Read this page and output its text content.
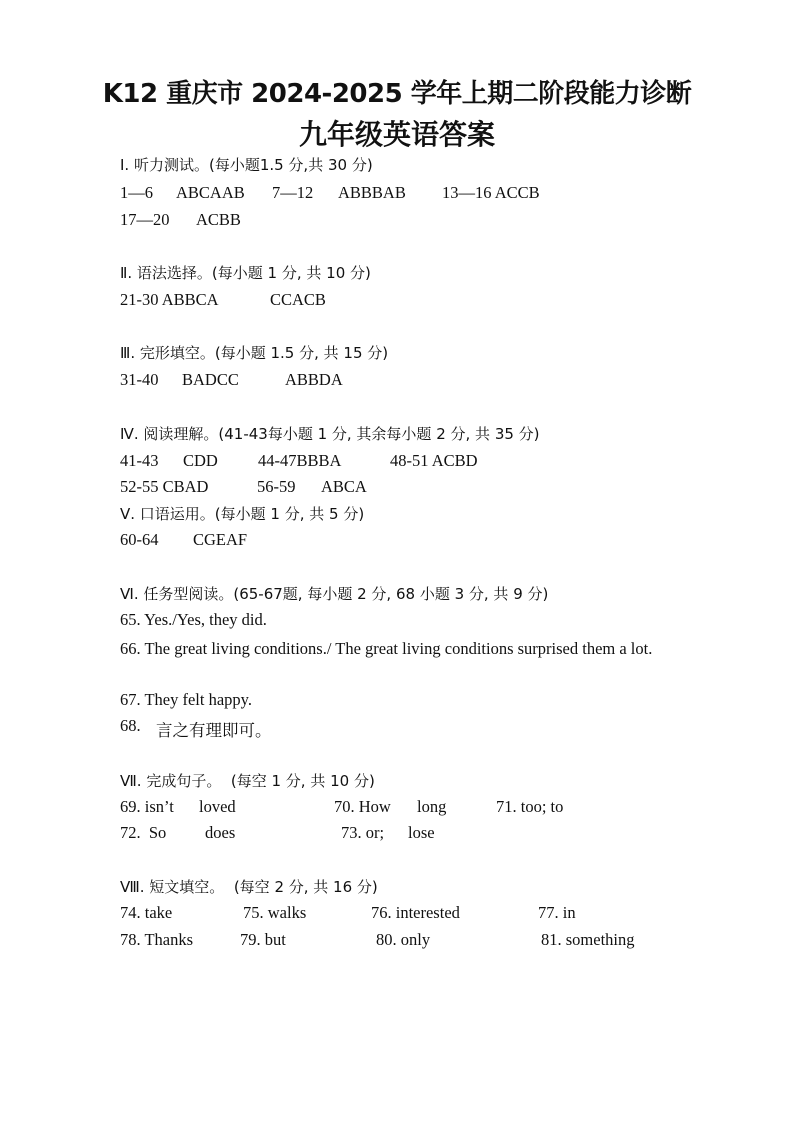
K12 重庆市 2024-2025 学年上期二阶段能力诊断
九年级英语答案
Ⅰ. 听力测试。(每小题1.5 分,共 30 分)
1—6 ABCAAB 7—12 ABBBAB 13—16 ACCB
17—20 ACBB
Ⅱ. 语法选择。(每小题 1 分, 共 10 分)
21-30 ABBCA	CCACB
Ⅲ. 完形填空。(每小题 1.5 分, 共 15 分)
31-40 BADCC	ABBDA
Ⅳ. 阅读理解。(41-43每小题 1 分, 其余每小题 2 分, 共 35 分)
41-43 CDD 44-47BBBA	48-51 ACBD
52-55 CBAD	56-59 ABCA
Ⅴ. 口语运用。(每小题 1 分, 共 5 分)
60-64 CGEAF
Ⅵ. 任务型阅读。(65-67题, 每小题 2 分, 68 小题 3 分, 共 9 分)
65. Yes./Yes, they did.
66. The great living conditions./ The great living conditions surprised them a lot.
67. They felt happy.
68. 言之有理即可。
Ⅶ. 完成句子。  (每空 1 分, 共 10 分)
69. isn’t loved	70. How long	71. too; to
72.  So does	73. or; lose
Ⅷ. 短文填空。  (每空 2 分, 共 16 分)
74. take	75. walks	76. interested	77. in
78. Thanks	79. but	80. only	81. something
